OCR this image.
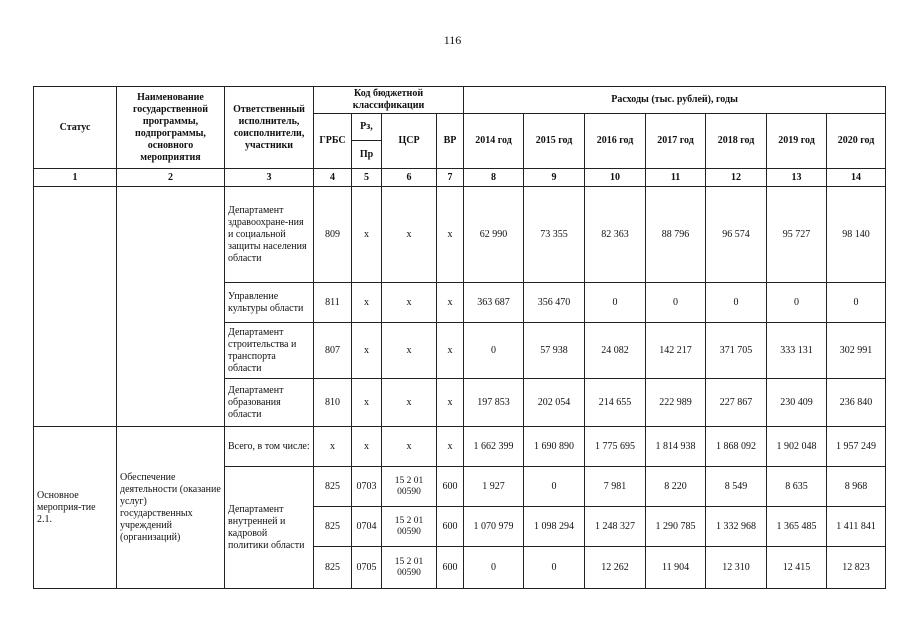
116
Статус	Наименование государственной программы, подпрограммы, основного мероприятия	Ответственный исполнитель, соисполнители, участники	Код бюджетной классификации				Расходы (тыс. рублей), годы						
			ГРБС	Рз,	ЦСР	ВР	2014 год	2015 год	2016 год	2017 год	2018 год	2019 год	2020 год
				Пр									
1	2	3	4	5	6	7	8	9	10	11	12	13	14
		Департамент здравоохране-ния и социальной защиты населения области	809	x	x	x	62 990	73 355	82 363	88 796	96 574	95 727	98 140
		Управление культуры области	811	x	x	x	363 687	356 470	0	0	0	0	0
		Департамент строительства и транспорта области	807	x	x	x	0	57 938	24 082	142 217	371 705	333 131	302 991
		Департамент образования области	810	x	x	x	197 853	202 054	214 655	222 989	227 867	230 409	236 840
Основное мероприя-тие 2.1.	Обеспечение деятельности (оказание услуг) государственных учреждений (организаций)	Всего, в том числе:	x	x	x	x	1 662 399	1 690 890	1 775 695	1 814 938	1 868 092	1 902 048	1 957 249
		Департамент внутренней и кадровой политики области	825	0703	15 2 01 00590	600	1 927	0	7 981	8 220	8 549	8 635	8 968
			825	0704	15 2 01 00590	600	1 070 979	1 098 294	1 248 327	1 290 785	1 332 968	1 365 485	1 411 841
			825	0705	15 2 01 00590	600	0	0	12 262	11 904	12 310	12 415	12 823
